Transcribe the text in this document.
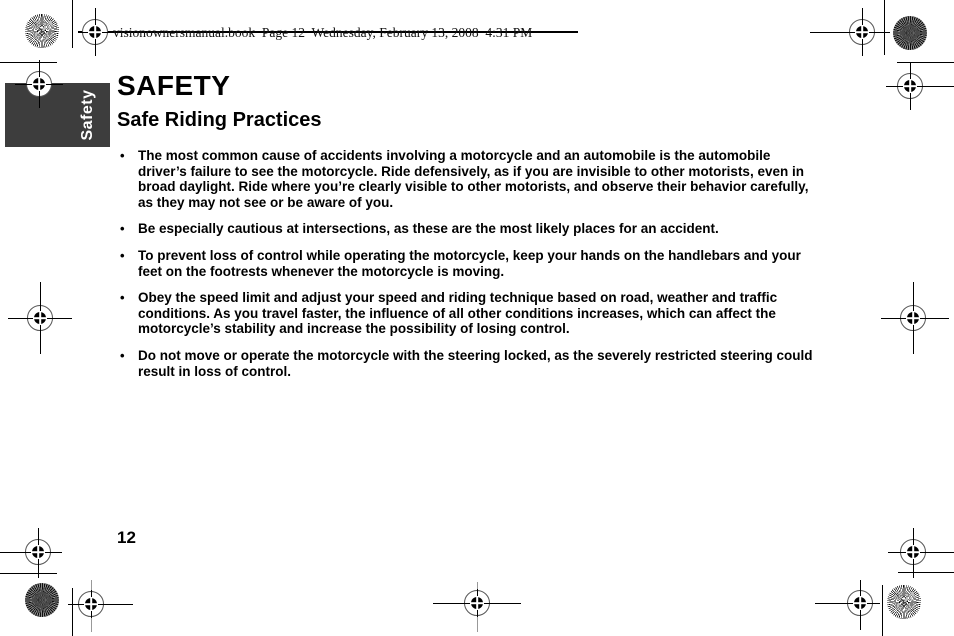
visionownersmanual.book  Page 12  Wednesday, February 13, 2008  4:31 PM
Safety
SAFETY
Safe Riding Practices
• The most common cause of accidents involving a motorcycle and an automobile is the automobile driver’s failure to see the motorcycle. Ride defensively, as if you are invisible to other motorists, even in broad daylight. Ride where you’re clearly visible to other motorists, and observe their behavior carefully, as they may not see or be aware of you.
• Be especially cautious at intersections, as these are the most likely places for an accident.
• To prevent loss of control while operating the motorcycle, keep your hands on the handlebars and your feet on the footrests whenever the motorcycle is moving.
• Obey the speed limit and adjust your speed and riding technique based on road, weather and traffic conditions. As you travel faster, the influence of all other conditions increases, which can affect the motorcycle’s stability and increase the possibility of losing control.
• Do not move or operate the motorcycle with the steering locked, as the severely restricted steering could result in loss of control.
12
